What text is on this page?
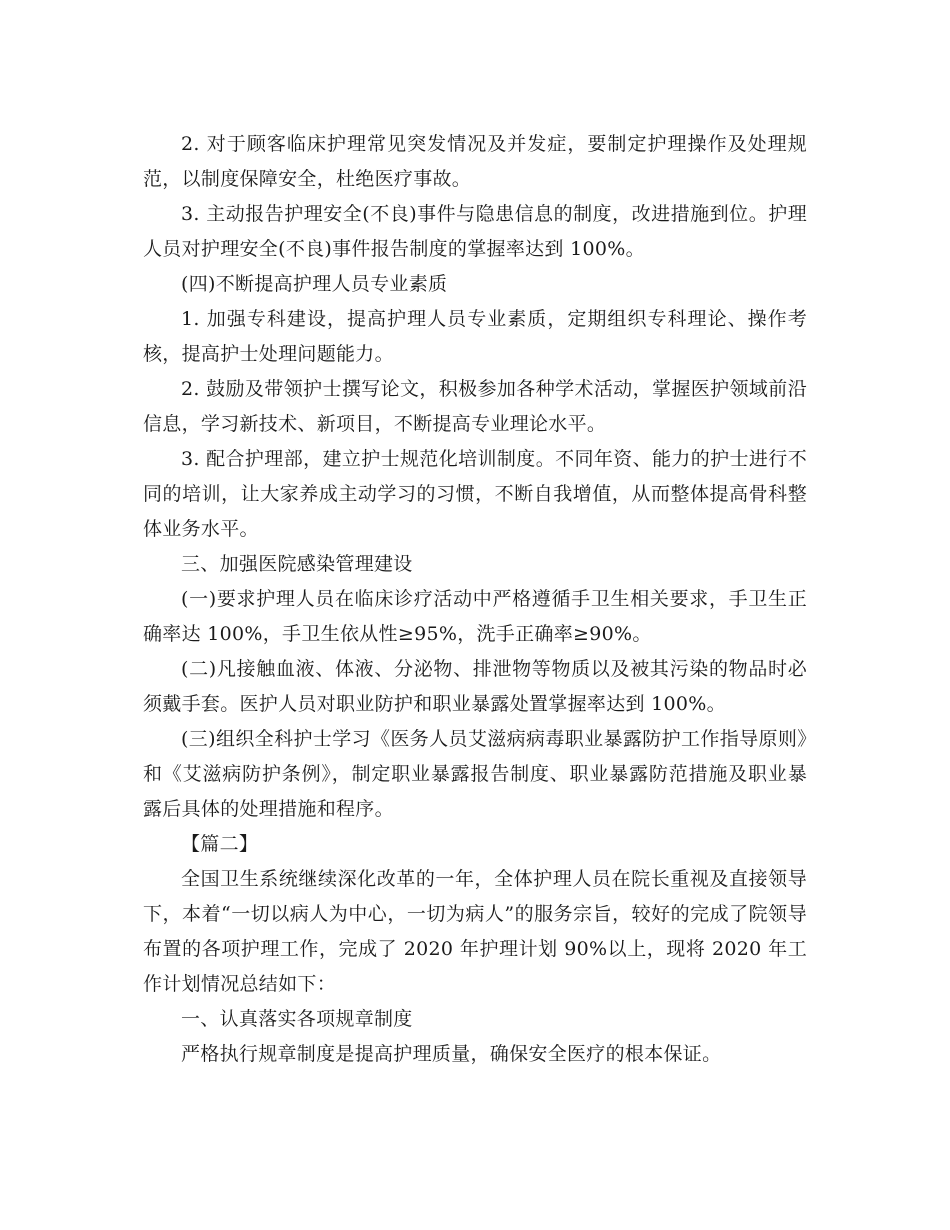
2. 对于顾客临床护理常见突发情况及并发症，要制定护理操作及处理规范，以制度保障安全，杜绝医疗事故。

3. 主动报告护理安全(不良)事件与隐患信息的制度，改进措施到位。护理人员对护理安全(不良)事件报告制度的掌握率达到 100%。

(四)不断提高护理人员专业素质

1. 加强专科建设，提高护理人员专业素质，定期组织专科理论、操作考核，提高护士处理问题能力。

2. 鼓励及带领护士撰写论文，积极参加各种学术活动，掌握医护领域前沿信息，学习新技术、新项目，不断提高专业理论水平。

3. 配合护理部，建立护士规范化培训制度。不同年资、能力的护士进行不同的培训，让大家养成主动学习的习惯，不断自我增值，从而整体提高骨科整体业务水平。

三、加强医院感染管理建设

(一)要求护理人员在临床诊疗活动中严格遵循手卫生相关要求，手卫生正确率达 100%，手卫生依从性≥95%，洗手正确率≥90%。

(二)凡接触血液、体液、分泌物、排泄物等物质以及被其污染的物品时必须戴手套。医护人员对职业防护和职业暴露处置掌握率达到 100%。

(三)组织全科护士学习《医务人员艾滋病病毒职业暴露防护工作指导原则》和《艾滋病防护条例》，制定职业暴露报告制度、职业暴露防范措施及职业暴露后具体的处理措施和程序。

【篇二】

全国卫生系统继续深化改革的一年，全体护理人员在院长重视及直接领导下，本着“一切以病人为中心，一切为病人”的服务宗旨，较好的完成了院领导布置的各项护理工作，完成了 2020 年护理计划 90%以上，现将 2020 年工作计划情况总结如下：

一、认真落实各项规章制度

严格执行规章制度是提高护理质量，确保安全医疗的根本保证。
